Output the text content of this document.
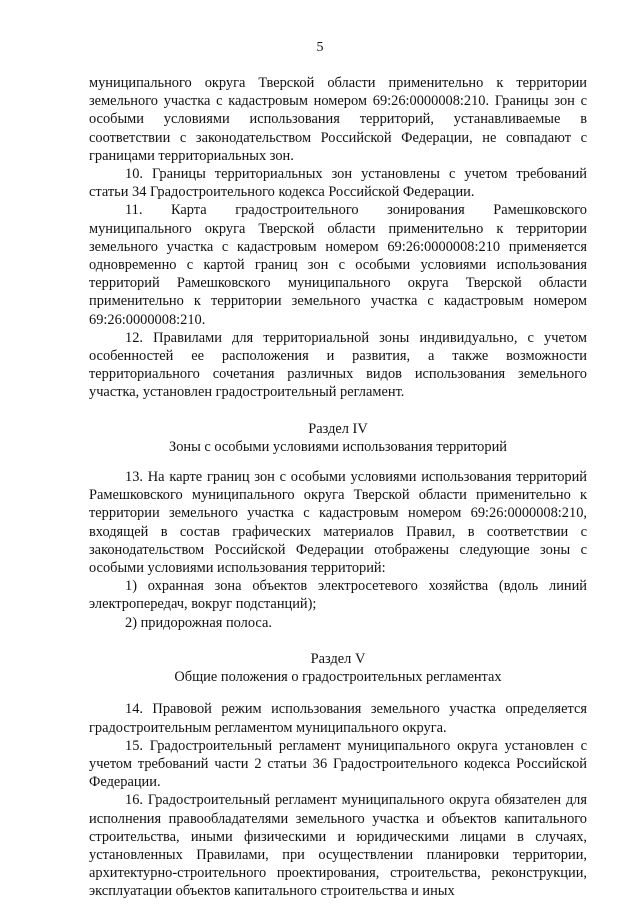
5

муниципального округа Тверской области применительно к территории земельного участка с кадастровым номером 69:26:0000008:210. Границы зон с особыми условиями использования территорий, устанавливаемые в соответствии с законодательством Российской Федерации, не совпадают с границами территориальных зон.

10. Границы территориальных зон установлены с учетом требований статьи 34 Градостроительного кодекса Российской Федерации.

11. Карта градостроительного зонирования Рамешковского муниципального округа Тверской области применительно к территории земельного участка с кадастровым номером 69:26:0000008:210 применяется одновременно с картой границ зон с особыми условиями использования территорий Рамешковского муниципального округа Тверской области применительно к территории земельного участка с кадастровым номером 69:26:0000008:210.

12. Правилами для территориальной зоны индивидуально, с учетом особенностей ее расположения и развития, а также возможности территориального сочетания различных видов использования земельного участка, установлен градостроительный регламент.

Раздел IV

Зоны с особыми условиями использования территорий

13. На карте границ зон с особыми условиями использования территорий Рамешковского муниципального округа Тверской области применительно к территории земельного участка с кадастровым номером 69:26:0000008:210, входящей в состав графических материалов Правил, в соответствии с законодательством Российской Федерации отображены следующие зоны с особыми условиями использования территорий:

1) охранная зона объектов электросетевого хозяйства (вдоль линий электропередач, вокруг подстанций);

2) придорожная полоса.

Раздел V

Общие положения о градостроительных регламентах

14. Правовой режим использования земельного участка определяется градостроительным регламентом муниципального округа.

15. Градостроительный регламент муниципального округа установлен с учетом требований части 2 статьи 36 Градостроительного кодекса Российской Федерации.

16. Градостроительный регламент муниципального округа обязателен для исполнения правообладателями земельного участка и объектов капитального строительства, иными физическими и юридическими лицами в случаях, установленных Правилами, при осуществлении планировки территории, архитектурно-строительного проектирования, строительства, реконструкции, эксплуатации объектов капитального строительства и иных
